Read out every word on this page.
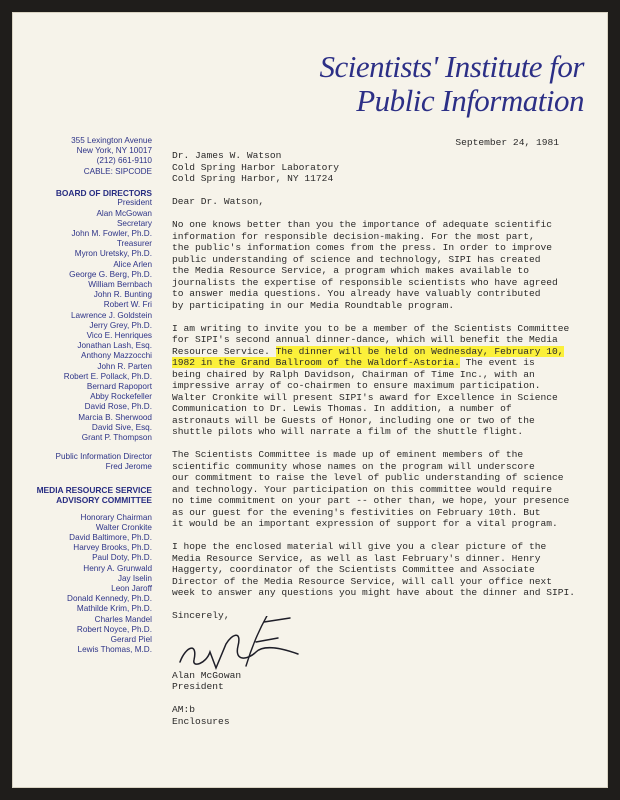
Scientists' Institute for
Public Information
355 Lexington Avenue
New York, NY 10017
(212) 661-9110
CABLE: SIPCODE
BOARD OF DIRECTORS
President
Alan McGowan
Secretary
John M. Fowler, Ph.D.
Treasurer
Myron Uretsky, Ph.D.
Alice Arlen
George G. Berg, Ph.D.
William Bernbach
John R. Bunting
Robert W. Fri
Lawrence J. Goldstein
Jerry Grey, Ph.D.
Vico E. Henriques
Jonathan Lash, Esq.
Anthony Mazzocchi
John R. Parten
Robert E. Pollack, Ph.D.
Bernard Rapoport
Abby Rockefeller
David Rose, Ph.D.
Marcia B. Sherwood
David Sive, Esq.
Grant P. Thompson
Public Information Director
Fred Jerome
MEDIA RESOURCE SERVICE
ADVISORY COMMITTEE
Honorary Chairman
Walter Cronkite
David Baltimore, Ph.D.
Harvey Brooks, Ph.D.
Paul Doty, Ph.D.
Henry A. Grunwald
Jay Iselin
Leon Jaroff
Donald Kennedy, Ph.D.
Mathilde Krim, Ph.D.
Charles Mandel
Robert Noyce, Ph.D.
Gerard Piel
Lewis Thomas, M.D.
September 24, 1981
Dr. James W. Watson
Cold Spring Harbor Laboratory
Cold Spring Harbor, NY 11724
Dear Dr. Watson,
No one knows better than you the importance of adequate scientific
information for responsible decision-making. For the most part,
the public's information comes from the press. In order to improve
public understanding of science and technology, SIPI has created
the Media Resource Service, a program which makes available to
journalists the expertise of responsible scientists who have agreed
to answer media questions. You already have valuably contributed
by participating in our Media Roundtable program.
I am writing to invite you to be a member of the Scientists Committee
for SIPI's second annual dinner-dance, which will benefit the Media
Resource Service. The dinner will be held on Wednesday, February 10,
1982 in the Grand Ballroom of the Waldorf-Astoria. The event is
being chaired by Ralph Davidson, Chairman of Time Inc., with an
impressive array of co-chairmen to ensure maximum participation.
Walter Cronkite will present SIPI's award for Excellence in Science
Communication to Dr. Lewis Thomas. In addition, a number of
astronauts will be Guests of Honor, including one or two of the
shuttle pilots who will narrate a film of the shuttle flight.
The Scientists Committee is made up of eminent members of the
scientific community whose names on the program will underscore
our commitment to raise the level of public understanding of science
and technology. Your participation on this committee would require
no time commitment on your part -- other than, we hope, your presence
as our guest for the evening's festivities on February 10th. But
it would be an important expression of support for a vital program.
I hope the enclosed material will give you a clear picture of the
Media Resource Service, as well as last February's dinner. Henry
Haggerty, coordinator of the Scientists Committee and Associate
Director of the Media Resource Service, will call your office next
week to answer any questions you might have about the dinner and SIPI.
Sincerely,
Alan McGowan
President
AM:b
Enclosures
